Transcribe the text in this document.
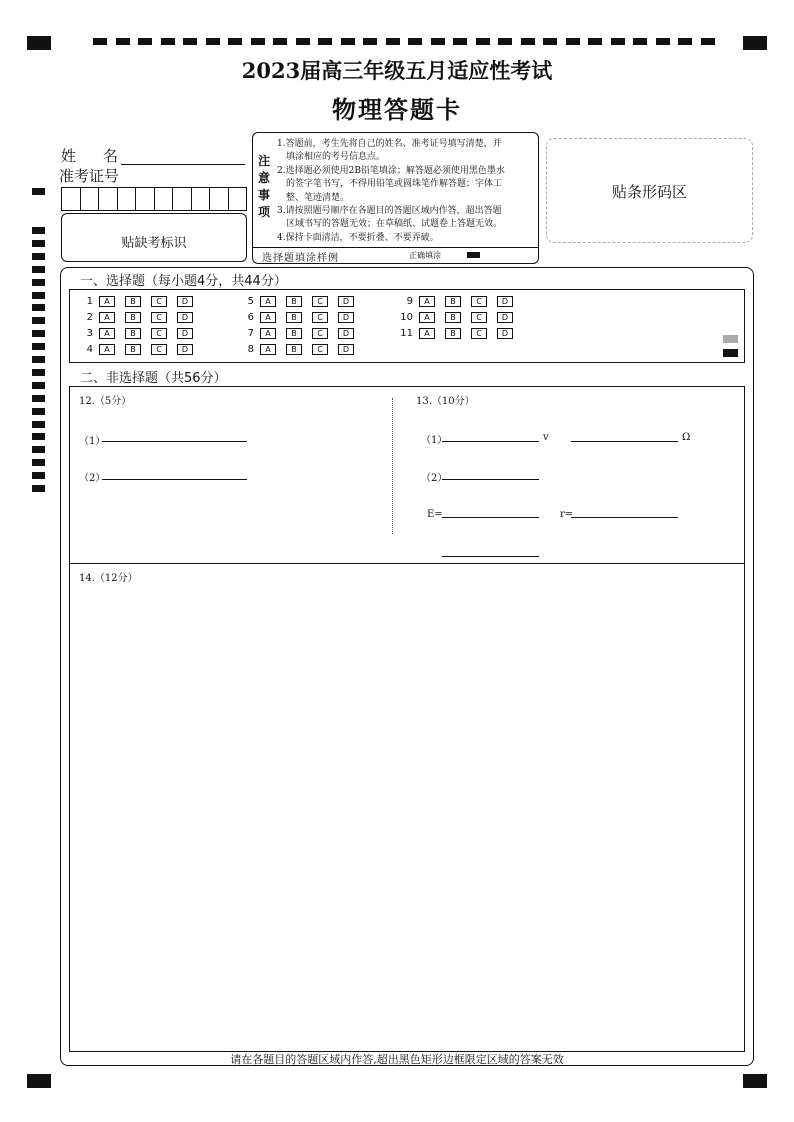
2023届高三年级五月适应性考试
物理答题卡
姓　名
准考证号
贴缺考标识
注
意
事
项
1.答题前，考生先将自己的姓名、准考证号填写清楚，并
　填涂相应的考号信息点。
2.选择题必须使用2B铅笔填涂；解答题必须使用黑色墨水
　的签字笔书写，不得用铅笔或圆珠笔作解答题；字体工
　整、笔迹清楚。
3.请按照题号顺序在各题目的答题区域内作答，超出答题
　区域书写的答题无效；在草稿纸、试题卷上答题无效。
4.保持卡面清洁，不要折叠、不要弄破。
选择题填涂样例	正确填涂
贴条形码区
一、选择题（每小题4分，共44分）
1 A	B	C	D
2 A	B	C	D
3 A	B	C	D
4 A	B	C	D
5 A	B	C	D
6 A	B	C	D
7 A	B	C	D
8 A	B	C	D
9 A	B	C	D
10 A	B	C	D
11 A	B	C	D
二、非选择题（共56分）
12.（5分）
（1）
（2）
13.（10分）
（1）	v	Ω
（2）
E=	r=
14.（12分）
请在各题目的答题区域内作答,超出黑色矩形边框限定区域的答案无效
